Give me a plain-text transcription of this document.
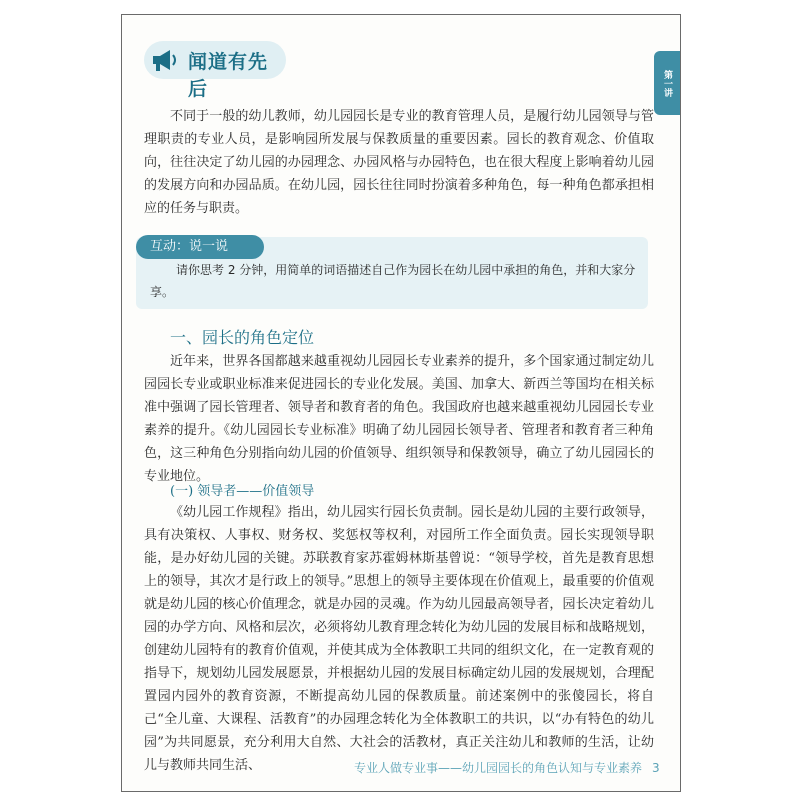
闻道有先后	第一讲

不同于一般的幼儿教师，幼儿园园长是专业的教育管理人员，是履行幼儿园领导与管理职责的专业人员，是影响园所发展与保教质量的重要因素。园长的教育观念、价值取向，往往决定了幼儿园的办园理念、办园风格与办园特色，也在很大程度上影响着幼儿园的发展方向和办园品质。在幼儿园，园长往往同时扮演着多种角色，每一种角色都承担相应的任务与职责。

互动：说一说

请你思考 2 分钟，用简单的词语描述自己作为园长在幼儿园中承担的角色，并和大家分享。

一、园长的角色定位

近年来，世界各国都越来越重视幼儿园园长专业素养的提升，多个国家通过制定幼儿园园长专业或职业标准来促进园长的专业化发展。美国、加拿大、新西兰等国均在相关标准中强调了园长管理者、领导者和教育者的角色。我国政府也越来越重视幼儿园园长专业素养的提升。《幼儿园园长专业标准》明确了幼儿园园长领导者、管理者和教育者三种角色，这三种角色分别指向幼儿园的价值领导、组织领导和保教领导，确立了幼儿园园长的专业地位。

(一) 领导者——价值领导

《幼儿园工作规程》指出，幼儿园实行园长负责制。园长是幼儿园的主要行政领导，具有决策权、人事权、财务权、奖惩权等权利，对园所工作全面负责。园长实现领导职能，是办好幼儿园的关键。苏联教育家苏霍姆林斯基曾说：“领导学校，首先是教育思想上的领导，其次才是行政上的领导。”思想上的领导主要体现在价值观上，最重要的价值观就是幼儿园的核心价值理念，就是办园的灵魂。作为幼儿园最高领导者，园长决定着幼儿园的办学方向、风格和层次，必须将幼儿教育理念转化为幼儿园的发展目标和战略规划，创建幼儿园特有的教育价值观，并使其成为全体教职工共同的组织文化，在一定教育观的指导下，规划幼儿园发展愿景，并根据幼儿园的发展目标确定幼儿园的发展规划，合理配置园内园外的教育资源，不断提高幼儿园的保教质量。前述案例中的张傻园长，将自己“全儿童、大课程、活教育”的办园理念转化为全体教职工的共识，以“办有特色的幼儿园”为共同愿景，充分利用大自然、大社会的活教材，真正关注幼儿和教师的生活，让幼儿与教师共同生活、	专业人做专业事——幼儿园园长的角色认知与专业素养 3
